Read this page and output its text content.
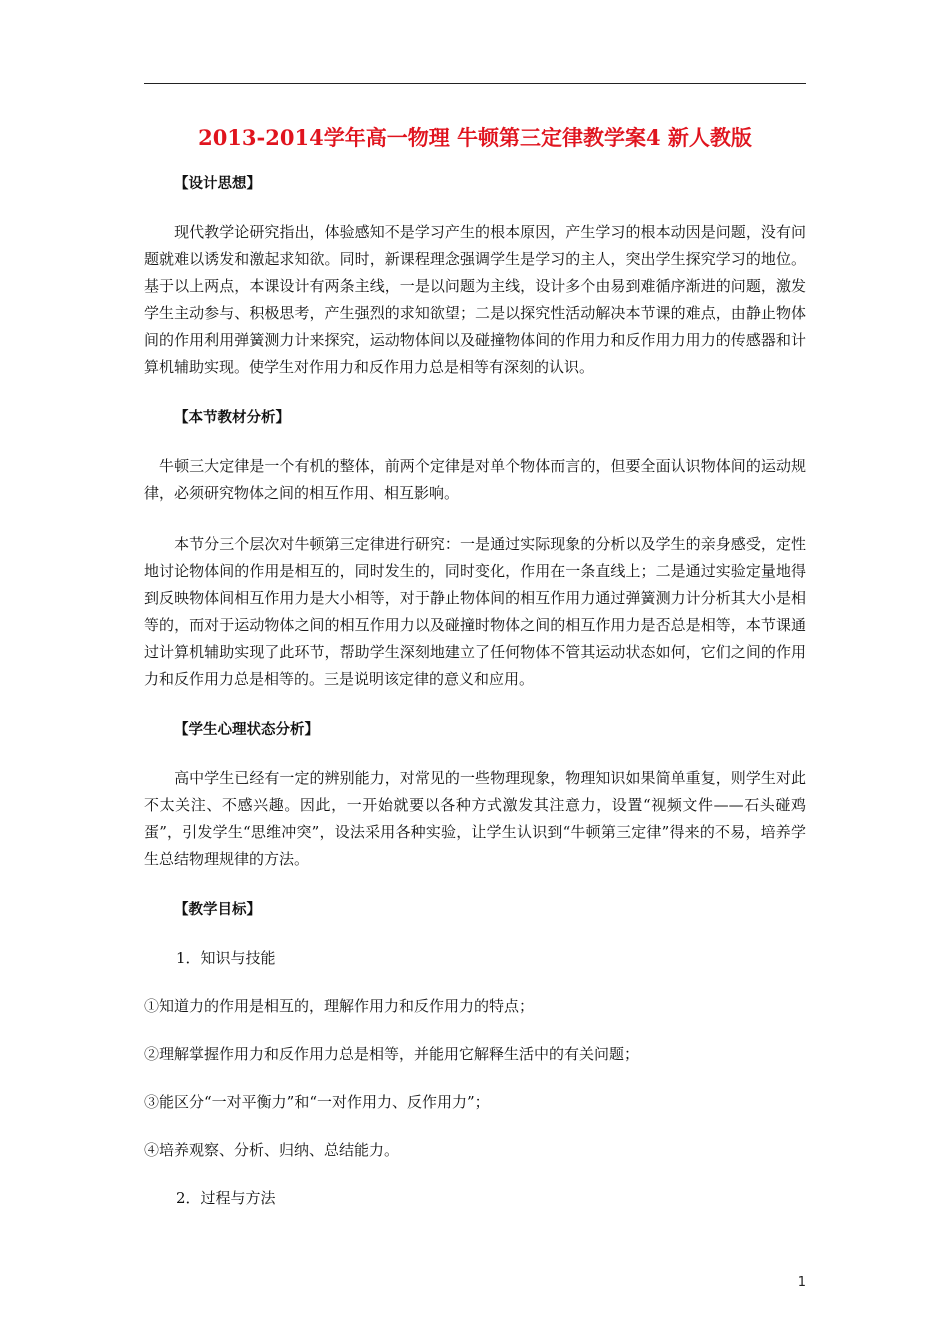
2013-2014学年高一物理 牛顿第三定律教学案4 新人教版
【设计思想】

　　现代教学论研究指出，体验感知不是学习产生的根本原因，产生学习的根本动因是问题，没有问题就难以诱发和激起求知欲。同时，新课程理念强调学生是学习的主人，突出学生探究学习的地位。基于以上两点，本课设计有两条主线，一是以问题为主线，设计多个由易到难循序渐进的问题，激发学生主动参与、积极思考，产生强烈的求知欲望；二是以探究性活动解决本节课的难点，由静止物体间的作用利用弹簧测力计来探究，运动物体间以及碰撞物体间的作用力和反作用力用力的传感器和计算机辅助实现。使学生对作用力和反作用力总是相等有深刻的认识。

【本节教材分析】

　牛顿三大定律是一个有机的整体，前两个定律是对单个物体而言的，但要全面认识物体间的运动规律，必须研究物体之间的相互作用、相互影响。

　　本节分三个层次对牛顿第三定律进行研究：一是通过实际现象的分析以及学生的亲身感受，定性地讨论物体间的作用是相互的，同时发生的，同时变化，作用在一条直线上；二是通过实验定量地得到反映物体间相互作用力是大小相等，对于静止物体间的相互作用力通过弹簧测力计分析其大小是相等的，而对于运动物体之间的相互作用力以及碰撞时物体之间的相互作用力是否总是相等，本节课通过计算机辅助实现了此环节，帮助学生深刻地建立了任何物体不管其运动状态如何，它们之间的作用力和反作用力总是相等的。三是说明该定律的意义和应用。

【学生心理状态分析】

　　高中学生已经有一定的辨别能力，对常见的一些物理现象，物理知识如果简单重复，则学生对此不太关注、不感兴趣。因此，一开始就要以各种方式激发其注意力，设置“视频文件——石头碰鸡蛋”，引发学生“思维冲突”，设法采用各种实验，让学生认识到“牛顿第三定律”得来的不易，培养学生总结物理规律的方法。

【教学目标】

1．知识与技能

①知道力的作用是相互的，理解作用力和反作用力的特点；

②理解掌握作用力和反作用力总是相等，并能用它解释生活中的有关问题；

③能区分“一对平衡力”和“一对作用力、反作用力”；

④培养观察、分析、归纳、总结能力。

2．过程与方法

1
